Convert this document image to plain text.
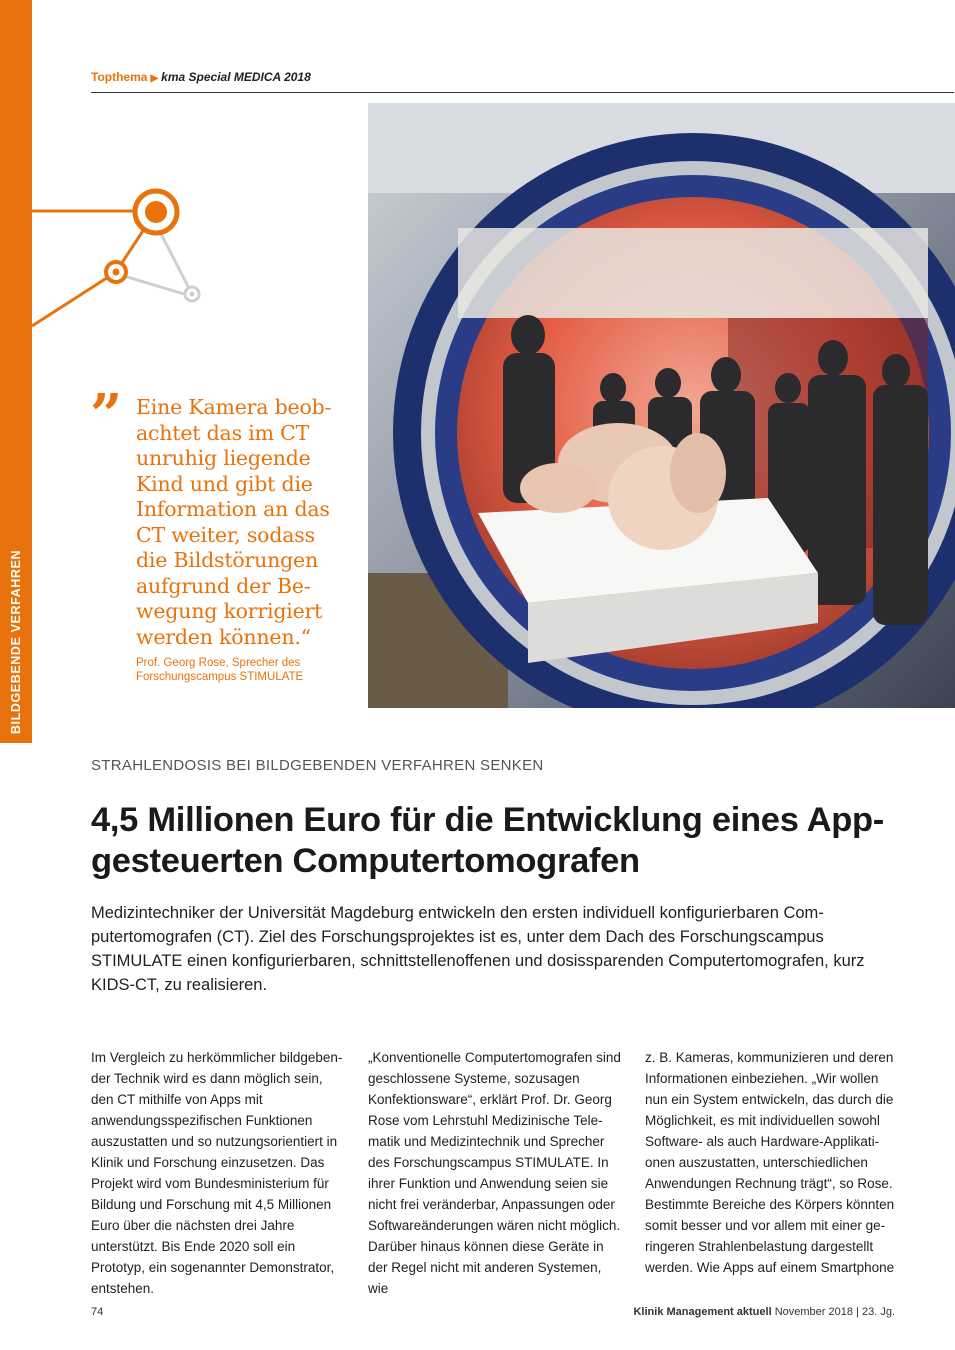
BILDGEBENDE VERFAHREN
Topthema ▶ kma Special MEDICA 2018
” Eine Kamera beobachtet das im CT unruhig liegende Kind und gibt die Information an das CT weiter, sodass die Bildstörungen aufgrund der Bewegung korrigiert werden können.“
Prof. Georg Rose, Sprecher des Forschungscampus STIMULATE
STRAHLENDOSIS BEI BILDGEBENDEN VERFAHREN SENKEN
4,5 Millionen Euro für die Entwicklung eines App-gesteuerten Computertomografen
Medizintechniker der Universität Magdeburg entwickeln den ersten individuell konfigurierbaren Computertomografen (CT). Ziel des Forschungsprojektes ist es, unter dem Dach des Forschungscampus STIMULATE einen konfigurierbaren, schnittstellenoffenen und dosissparenden Computertomografen, kurz KIDS-CT, zu realisieren.
Im Vergleich zu herkömmlicher bildgebender Technik wird es dann möglich sein, den CT mithilfe von Apps mit anwendungsspezifischen Funktionen auszustatten und so nutzungsorientiert in Klinik und Forschung einzusetzen. Das Projekt wird vom Bundesministerium für Bildung und Forschung mit 4,5 Millionen Euro über die nächsten drei Jahre unterstützt. Bis Ende 2020 soll ein Prototyp, ein sogenannter Demonstrator, entstehen.
„Konventionelle Computertomografen sind geschlossene Systeme, sozusagen Konfektionsware“, erklärt Prof. Dr. Georg Rose vom Lehrstuhl Medizinische Telematik und Medizintechnik und Sprecher des Forschungscampus STIMULATE. In ihrer Funktion und Anwendung seien sie nicht frei veränderbar, Anpassungen oder Softwareänderungen wären nicht möglich. Darüber hinaus können diese Geräte in der Regel nicht mit anderen Systemen, wie
z. B. Kameras, kommunizieren und deren Informationen einbeziehen. „Wir wollen nun ein System entwickeln, das durch die Möglichkeit, es mit individuellen sowohl Software- als auch Hardware-Applikationen auszustatten, unterschiedlichen Anwendungen Rechnung trägt“, so Rose. Bestimmte Bereiche des Körpers könnten somit besser und vor allem mit einer geringeren Strahlenbelastung dargestellt werden. Wie Apps auf einem Smartphone
74	Klinik Management aktuell November 2018 | 23. Jg.
